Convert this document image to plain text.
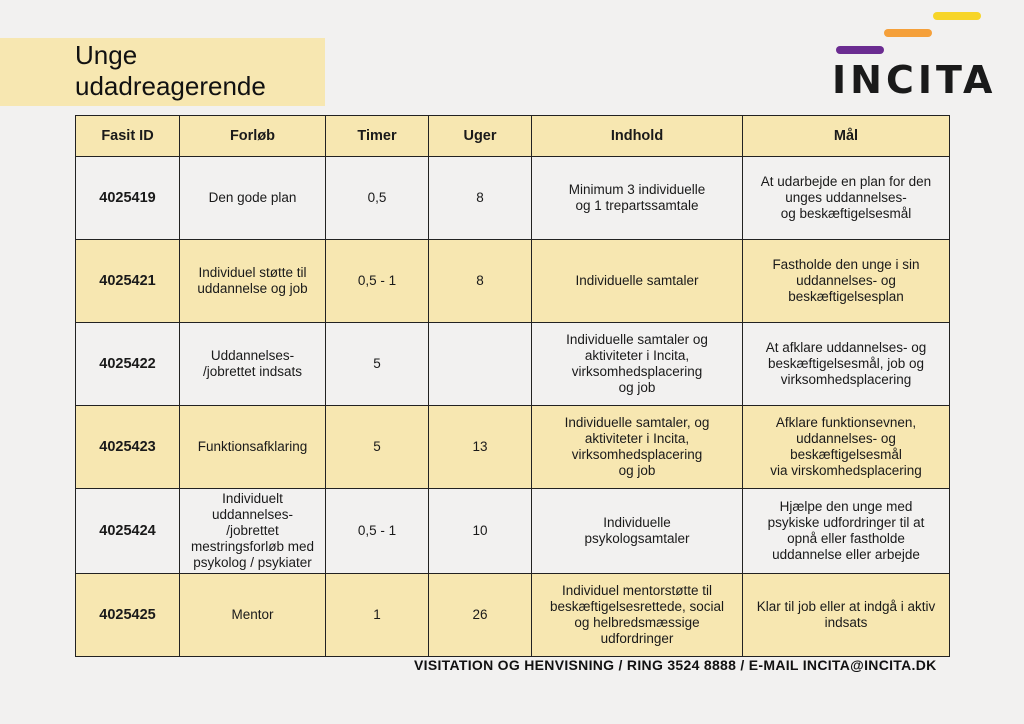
Unge
udadreagerende	INCITA
Fasit ID	Forløb	Timer	Uger	Indhold	Mål
4025419	Den gode plan	0,5	8	Minimum 3 individuelle
og 1 trepartssamtale	At udarbejde en plan for den
unges uddannelses-
og beskæftigelsesmål
4025421	Individuel støtte til
uddannelse og job	0,5 - 1	8	Individuelle samtaler	Fastholde den unge i sin
uddannelses- og
beskæftigelsesplan
4025422	Uddannelses-
/jobrettet indsats	5		Individuelle samtaler og
aktiviteter i Incita,
virksomhedsplacering
og job	At afklare uddannelses- og
beskæftigelsesmål, job og
virksomhedsplacering
4025423	Funktionsafklaring	5	13	Individuelle samtaler, og
aktiviteter i Incita,
virksomhedsplacering
og job	Afklare funktionsevnen,
uddannelses- og
beskæftigelsesmål
via virskomhedsplacering
4025424	Individuelt
uddannelses-
/jobrettet
mestringsforløb med
psykolog / psykiater	0,5 - 1	10	Individuelle
psykologsamtaler	Hjælpe den unge med
psykiske udfordringer til at
opnå eller fastholde
uddannelse eller arbejde
4025425	Mentor	1	26	Individuel mentorstøtte til
beskæftigelsesrettede, social
og helbredsmæssige
udfordringer	Klar til job eller at indgå i aktiv
indsats
VISITATION OG HENVISNING / RING 3524 8888 / E-MAIL INCITA@INCITA.DK
